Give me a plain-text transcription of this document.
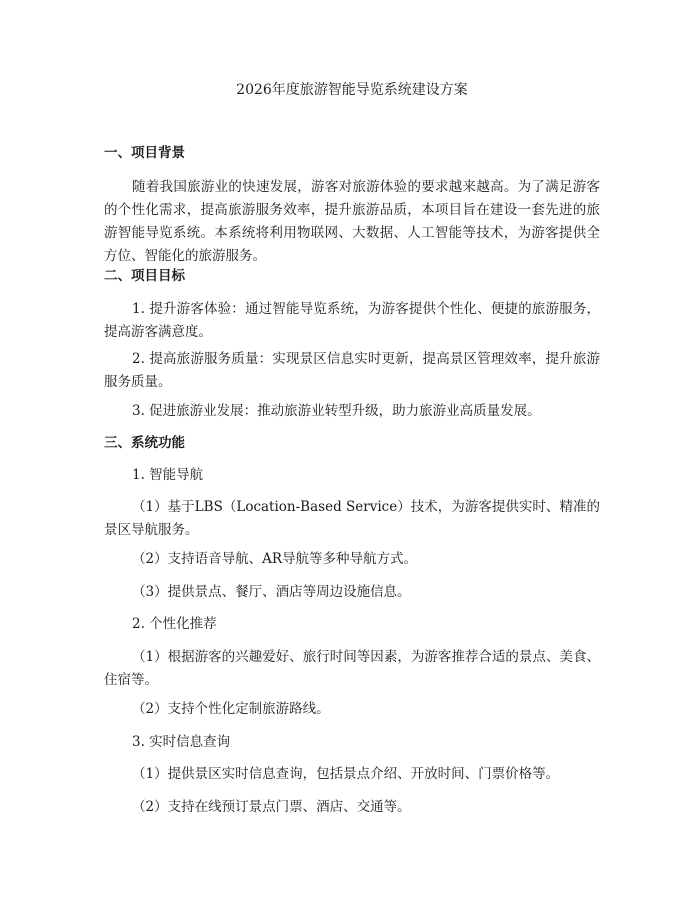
2026年度旅游智能导览系统建设方案
一、项目背景

随着我国旅游业的快速发展，游客对旅游体验的要求越来越高。为了满足游客的个性化需求，提高旅游服务效率，提升旅游品质，本项目旨在建设一套先进的旅游智能导览系统。本系统将利用物联网、大数据、人工智能等技术，为游客提供全方位、智能化的旅游服务。

二、项目目标

1. 提升游客体验：通过智能导览系统，为游客提供个性化、便捷的旅游服务，提高游客满意度。

2. 提高旅游服务质量：实现景区信息实时更新，提高景区管理效率，提升旅游服务质量。

3. 促进旅游业发展：推动旅游业转型升级，助力旅游业高质量发展。

三、系统功能

1. 智能导航

（1）基于LBS（Location-Based Service）技术，为游客提供实时、精准的景区导航服务。

（2）支持语音导航、AR导航等多种导航方式。

（3）提供景点、餐厅、酒店等周边设施信息。

2. 个性化推荐

（1）根据游客的兴趣爱好、旅行时间等因素，为游客推荐合适的景点、美食、住宿等。

（2）支持个性化定制旅游路线。

3. 实时信息查询

（1）提供景区实时信息查询，包括景点介绍、开放时间、门票价格等。

（2）支持在线预订景点门票、酒店、交通等。
